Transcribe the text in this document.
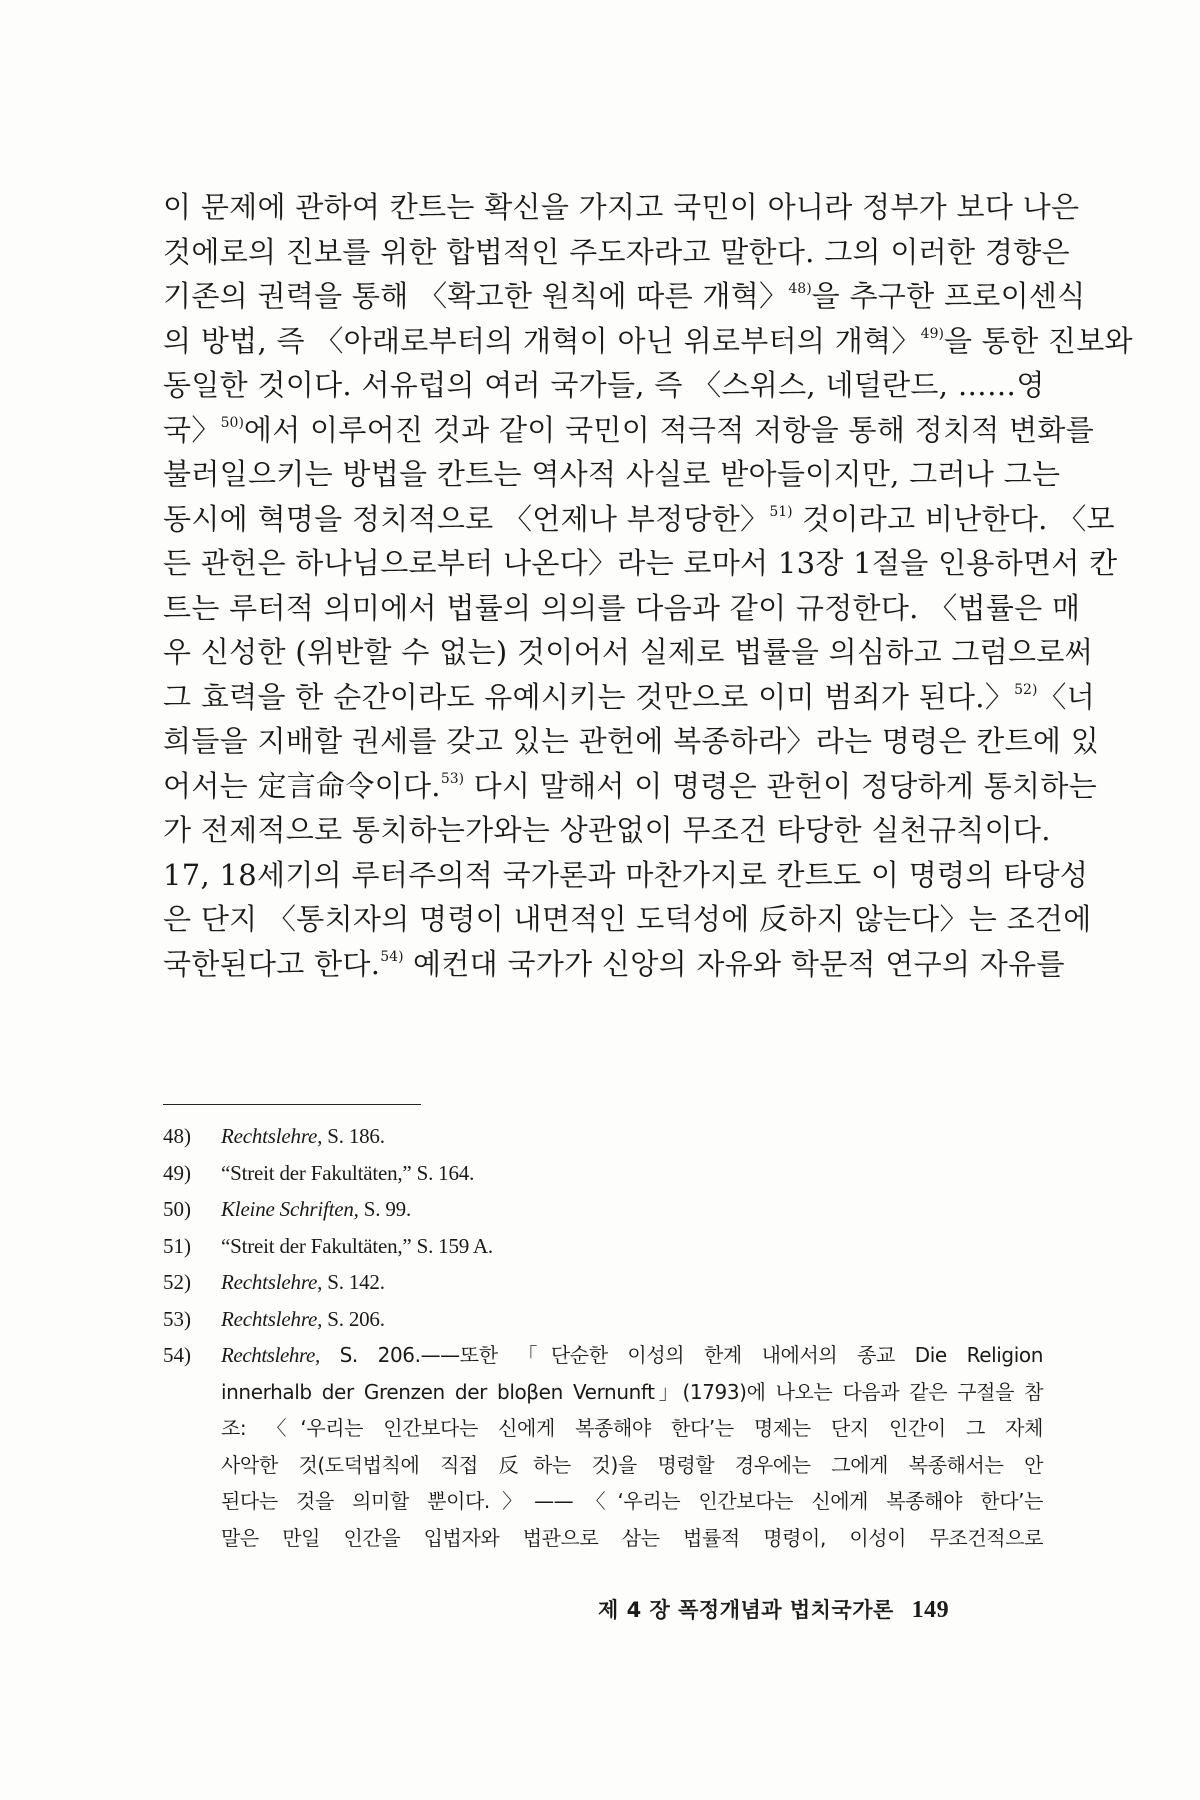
이 문제에 관하여 칸트는 확신을 가지고 국민이 아니라 정부가 보다 나은
것에로의 진보를 위한 합법적인 주도자라고 말한다. 그의 이러한 경향은
기존의 권력을 통해 〈확고한 원칙에 따른 개혁〉$^{48)}$을 추구한 프로이센식
의 방법, 즉 〈아래로부터의 개혁이 아닌 위로부터의 개혁〉$^{49)}$을 통한 진보와
동일한 것이다. 서유럽의 여러 국가들, 즉 〈스위스, 네덜란드, ……영
국〉$^{50)}$에서 이루어진 것과 같이 국민이 적극적 저항을 통해 정치적 변화를
불러일으키는 방법을 칸트는 역사적 사실로 받아들이지만, 그러나 그는
동시에 혁명을 정치적으로 〈언제나 부정당한〉$^{51)}$ 것이라고 비난한다. 〈모
든 관헌은 하나님으로부터 나온다〉라는 로마서 13장 1절을 인용하면서 칸
트는 루터적 의미에서 법률의 의의를 다음과 같이 규정한다. 〈법률은 매
우 신성한 (위반할 수 없는) 것이어서 실제로 법률을 의심하고 그럼으로써
그 효력을 한 순간이라도 유예시키는 것만으로 이미 범죄가 된다.〉$^{52)}$〈너
희들을 지배할 권세를 갖고 있는 관헌에 복종하라〉라는 명령은 칸트에 있
어서는 定言命令이다.$^{53)}$ 다시 말해서 이 명령은 관헌이 정당하게 통치하는
가 전제적으로 통치하는가와는 상관없이 무조건 타당한 실천규칙이다.
17, 18세기의 루터주의적 국가론과 마찬가지로 칸트도 이 명령의 타당성
은 단지 〈통치자의 명령이 내면적인 도덕성에 反하지 않는다〉는 조건에
국한된다고 한다.$^{54)}$ 예컨대 국가가 신앙의 자유와 학문적 연구의 자유를
48)	Rechtslehre, S. 186.
49)	“Streit der Fakultäten,” S. 164.
50)	Kleine Schriften, S. 99.
51)	“Streit der Fakultäten,” S. 159 A.
52)	Rechtslehre, S. 142.
53)	Rechtslehre, S. 206.
54)	Rechtslehre, S. 206.——또한 「단순한 이성의 한계 내에서의 종교 Die Religion
innerhalb der Grenzen der bloβen Vernunft」(1793)에 나오는 다음과 같은 구절을 참
조: 〈‘우리는 인간보다는 신에게 복종해야 한다’는 명제는 단지 인간이 그 자체
사악한 것(도덕법칙에 직접 反하는 것)을 명령할 경우에는 그에게 복종해서는 안
된다는 것을 의미할 뿐이다.〉——〈‘우리는 인간보다는 신에게 복종해야 한다’는
말은 만일 인간을 입법자와 법관으로 삼는 법률적 명령이, 이성이 무조건적으로
제 4 장 폭정개념과 법치국가론 149
